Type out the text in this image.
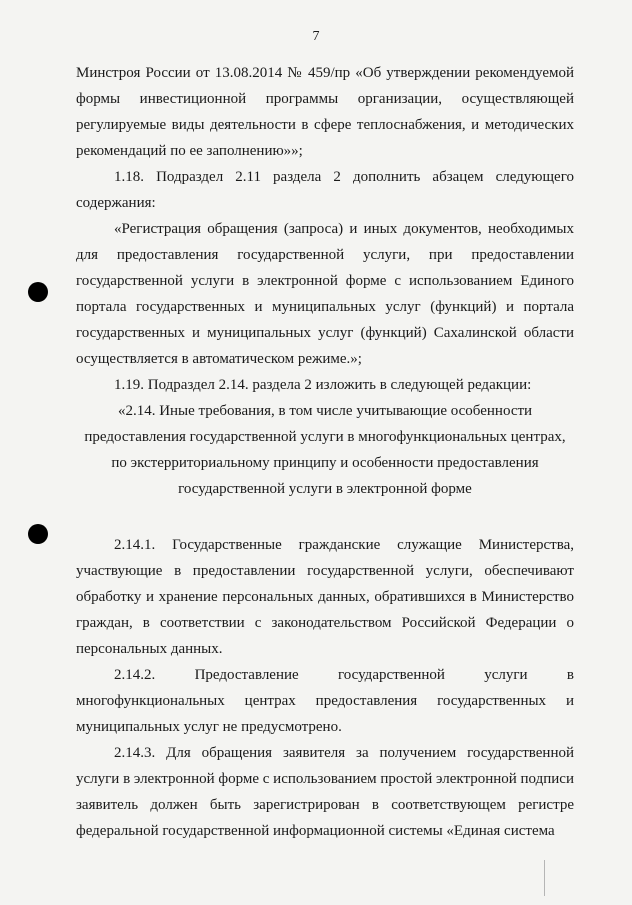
7

Минстроя России от 13.08.2014 № 459/пр «Об утверждении рекомендуемой формы инвестиционной программы организации, осуществляющей регулируемые виды деятельности в сфере теплоснабжения, и методических рекомендаций по ее заполнению»»;

1.18. Подраздел 2.11 раздела 2 дополнить абзацем следующего содержания:

«Регистрация обращения (запроса) и иных документов, необходимых для предоставления государственной услуги, при предоставлении государственной услуги в электронной форме с использованием Единого портала государственных и муниципальных услуг (функций) и портала государственных и муниципальных услуг (функций) Сахалинской области осуществляется в автоматическом режиме.»;

1.19. Подраздел 2.14. раздела 2 изложить в следующей редакции:

«2.14. Иные требования, в том числе учитывающие особенности
предоставления государственной услуги в многофункциональных центрах,
по экстерриториальному принципу и особенности предоставления
государственной услуги в электронной форме

2.14.1. Государственные гражданские служащие Министерства, участвующие в предоставлении государственной услуги, обеспечивают обработку и хранение персональных данных, обратившихся в Министерство граждан, в соответствии с законодательством Российской Федерации о персональных данных.

2.14.2. Предоставление государственной услуги в многофункциональных центрах предоставления государственных и муниципальных услуг не предусмотрено.

2.14.3. Для обращения заявителя за получением государственной услуги в электронной форме с использованием простой электронной подписи заявитель должен быть зарегистрирован в соответствующем регистре федеральной государственной информационной системы «Единая система
